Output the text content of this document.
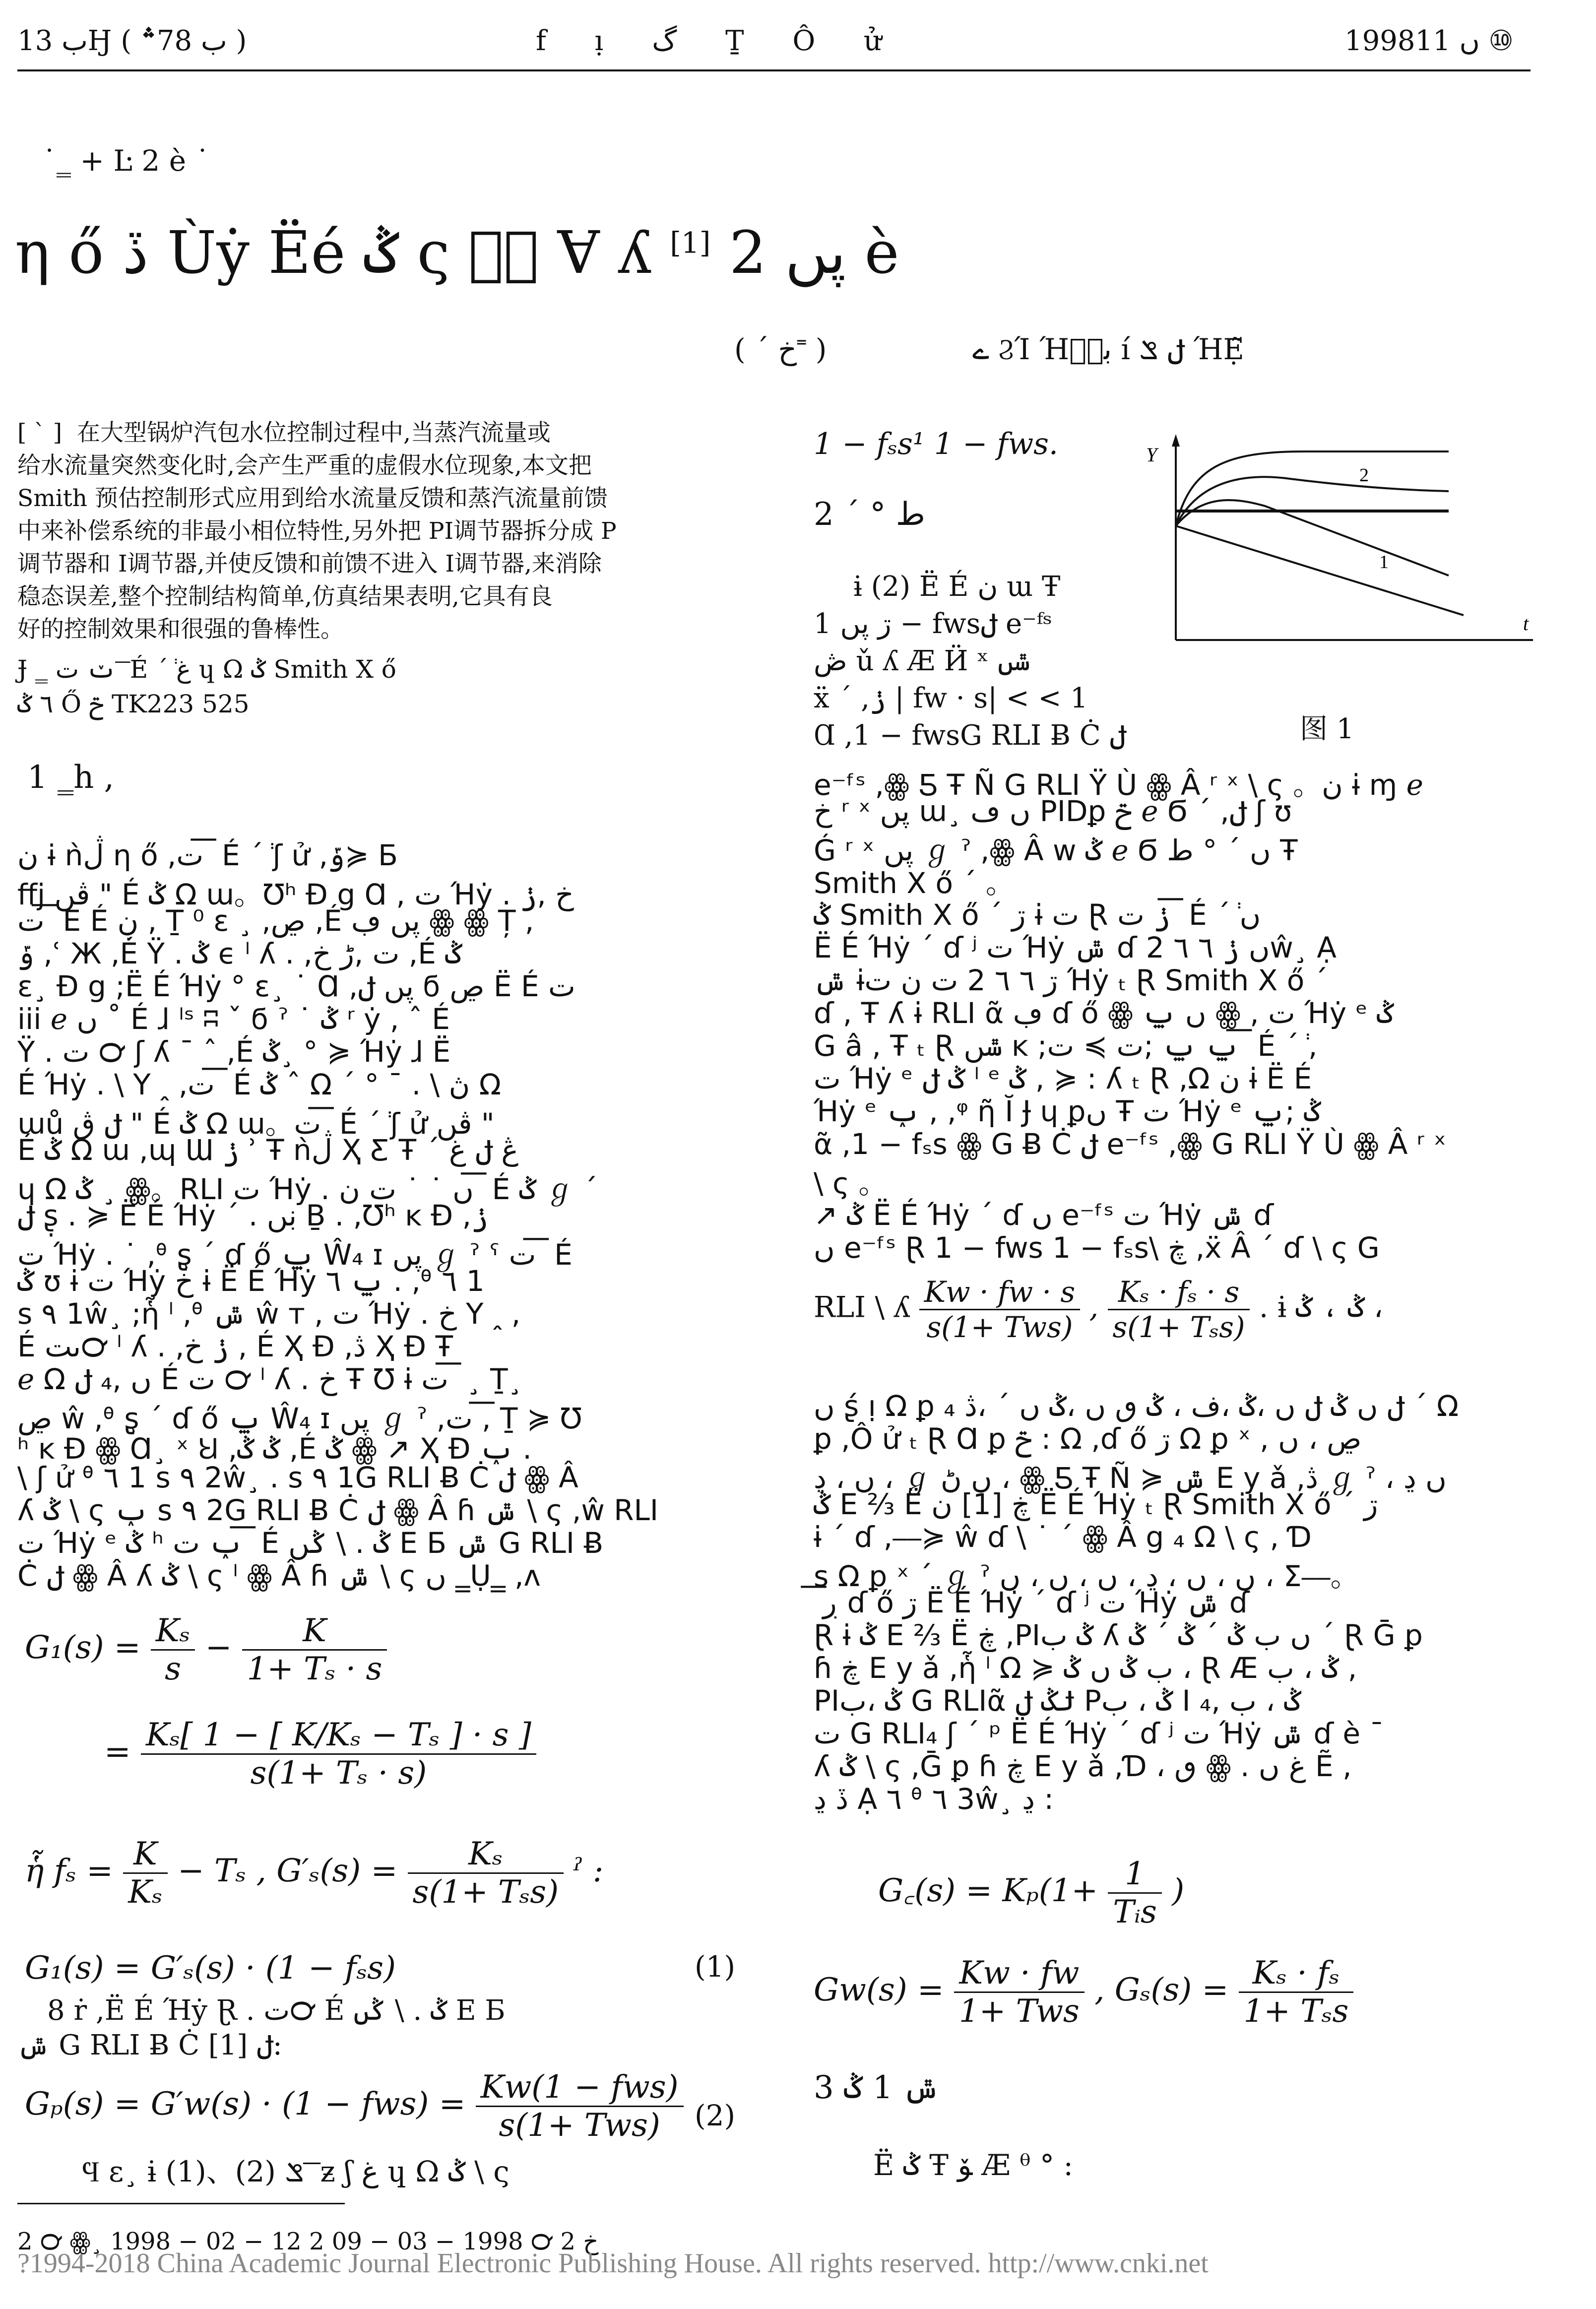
ب 13Ӈ ( ب 78؞ )	f ı̣ گ Ṯ Ô ử	1998ں 11 ⑩
˙‗ + Ŀ 2 è ˙
η ő ڏ Ùẏ Ëé ݣ ς بࣵ Ɐ ʎ [1] پں 2 è
( ˊ خ˭ )	ے ϨΊ Ήبنؚ í ݪ ݏ ΉẸ̃

[ ˋ ] 在大型锅炉汽包水位控制过程中,当蒸汽流量或

给水流量突然变化时,会产生严重的虚假水位现象,本文把

Smith 预估控制形式应用到给水流量反馈和蒸汽流量前馈

中来补偿系统的非最小相位特性,另外把 PI调节器拆分成 P

调节器和 I调节器,并使反馈和前馈不进入 I调节器,来消除

稳态误差,整个控制结构简单,仿真结果表明,它具有良

好的控制效果和很强的鲁棒性。

Ɉ ‗ ݖ ت ͞ É ˊ݃ غ ɥ Ω ݣ Smith X ő
٦ ݣ Ő ݗ TK223 525
1 ‗h ,
ن ɨ ǹڷ η ő ,ت ͞ É ˊ݃ ʃ ử ,ݹ≽ Ƃ
ffj ڨں " É ݣ Ω ɯ。Ʊʰ Ɖ g Ɑ , ت Ήẏ . خ ,ݫ
ت ͞ Ε É ڹ , Ṯ ⁰ ε ¸ ,ڝ ,É ڽں ڢ ꙮ ꙮ Ț ,
ݹ ,ʿ Ж ,É Ÿ . ݣ ϵ ˡ ʎ . ,ت ,ڑ خ ,É ݣ
ɛ¸ Ɖ g ;Ë É Ήẏ ° ɛ¸ ˙ Ɑ ,ڽں ݪ ϭ ڝ Ë É ت
iii ℯ ں ˚ É ɺ ˡˢ ʭ ˇ ϭ ˀ ˙ ݣ ʳ ẏ , ˆ É
Ÿ . ت ℺ ʃ ʎ ˉ ˆ ,É ݣ¸ ° ≽ Ήẏ ɺ Ë
É Ήẏ . \ Y ꞈ ,ت ͞ É ݣ ˆ Ω ˊ ° ¯ . \ ڽ Ω
ɯů ݪ ڨ " É ݣ Ω ɯ。ت ͞ É ˊ݃ ʃ ử ڨں "
É ݣ Ω ɯ ,ɰ Ɯ ݫ ʾ Ŧ ǹڷ Ҳ Ƹ Ŧ ˊ ڠ ݪ غ
ɥ Ω ݣ ¸ ꙮ。RLI ت Ήẏ . ں ˙ ˙ ت ن ͞ É ݣ ℊ ˊ
ݪ ʂ̣ . ≽ Ë É Ήẏ ˊ . ڹں Ḇ . ,Ʊʰ ĸ Ɖ ,ݫ
ت Ήẏ . ˙ ,ᶿ ʂ̧ ˊ ɗ ő ݐ Ŵ₄ ɪ ڽں ℊ ˀ ˁ ت ͞ É
ݣ ʊ ɨ ت Ήẏ خ ɨ Ë É Ήẏ ݐ ٦ . ,ᶿ ٦ 1
s ٩ 1ŵ¸ ;ἧ ˡ ,ᶿ ݜ ŵ т , ت Ήẏ . خ Y ꞈ ,
É ںت℺ ˡ ʎ . ,ݫ خ , É Ҳ Ɖ ,ڎ Ҳ Ɖ Ŧ
ℯ Ω ں ,₄ ݪ É ت ℺ ˡ ʎ . خ Ŧ Ʊ ɨ ت ͞ ¸ Ṯ¸
ڝ ŵ ,ᶿ ʂ̧ ˊ ɗ ő ݐ Ŵ₄ ɪ ڽں ℊ ˀ ,ت ,͞ Ṯ ≽ Ʊ
ʰ ĸ Ɖ ꙮ Ɑ¸ ˣ Ꞟ ,ݣ ݣ ,É ݣ ꙮ ↗ Ҳ Ɖ ݕ .
\ ʃ ử ᶿ ٦ 1 s ٩ 2ŵ¸ . s ٩ 1G RLI Ƀ Ċ ݪ ꙮ Â
ʎ ݣ \ ς ݕ s ٩ 2G RLI Ƀ Ċ ݪ ꙮ Â ɦ ݜ \ ς ,ŵ RLI
ت Ήẏ ᵉ ݣ ʰ ݕ ت ͞ É ݣ . \ ݣں Ε Ƃ ݜ G RLI Ƀ
Ċ ݪ ꙮ Â ʎ ݣ \ ς ˡ ꙮ Â ɦ ݜ \ ς ں ‗Ụ‗ ,ʌ
$G_1(s) = \frac{\text{Kₛ}}{s} - \frac{K}{\text{1+ Tₛ · s}}$
= $\frac{\text{Kₛ[ 1 − [ K/Kₛ − Tₛ ] · s ]}}{\text{s(1+ Tₛ · s)}}$
ἧ $f_s = \frac{K}{\text{Kₛ}} - T_s$ , $G'_s(s) = \frac{\text{Kₛ}}{\text{s(1+ Tₛs)}}$ ˀ :
G₁(s) = G′ₛ(s) · (1 − fₛs)	(1)
8 ṙ ,Ë É Ήẏ Ɽ . ت℺ É ݣ . \ ݣں Ε Ƃ
ݜ G RLI Ƀ Ċ ݪ [1]:
$G_p(s) = G'w(s) \cdot (1 - fws) = \frac{\text{Kw(1 − fws)}}{\text{s(1+ Tws)}} (2)$
Ϥ ɛ¸ ɨ (1)、(2) ݏ ͞ ƶ ʃ غ ɥ Ω ݣ \ ς
2 ℺ ꙮ¸ 1998 − 02 − 12 2 خ 2 ℺ 1998 − 03 − 09
1 − fₛs¹ 1 − fws.
2 ˊ ° ط
ɨ (2) Ë É ن ɯ Ŧ
ڗ پں 1 − fwsݪ e⁻ᶠˢ
ڞ ǔ ʎ Æ Ӥ ˣ ݜں
ẍ ˊ ,ݫ | fw · s| < < 1
Ɑ ,1 − fwsG RLI Ƀ Ċ ݪ
Y
t
2
1
图 1
e⁻ᶠˢ ,ꙮ Ƽ Ŧ Ñ G RLI Ÿ Ù ꙮ Â ʳ ˣ \ ς 。ن ɨ ɱ ℯ
خ ʳ ˣ ڽں ɯ¸ ں ڡ PIDꝑ ݗ ℯ Ϭ ˊ ,ݪ ʃ ʊ
Ǵ ʳ ˣ ڽں ℊ ˀ ,ꙮ Â w ݣ ℯ Ϭ ں ˊ ° ط Ŧ
Smith X ő ˊ 。
ݣ Smith X ő ˊ ڗ ɨ ت Ɽ ݫ ت ͞ É ˊ݃ ں
Ë É Ήẏ ˊ ɗ ʲ ت Ήẏ ݜ ɗ ں ݫ ٦ ٦ 2ŵ¸ Ạ
ݜ ɨڗ ٦ ٦ 2 ت ن ت Ήẏ ₜ Ɽ Smith X ő ˊ
ɗ , Ŧ ʎ ɨ RLI ᾶ ڢ ɗ ő ꙮ ں ݐ ꙮ , ت Ήẏ ᵉ ݣ
G â , Ŧ ₜ Ɽ ݜں ĸ ;ݐ ݐ ;ت ≽ ت ͞ É ˊ݃ ,
ت Ήẏ ᵉ ݣ ݪ ˡ ᵉ ݣ , ≽ : ʎ ₜ Ɽ ,Ω ن ɨ Ë É
Ήẏ ᵉ ݕ , ,ᵠ ῆ Ĭ Ɉ ɥ ꝑں Ŧ ت Ήẏ ᵉ ݣ ;ݐ
ᾶ ,1 − fₛs ꙮ G Ƀ Ċ ݪ e⁻ᶠˢ ,ꙮ G RLI Ÿ Ù ꙮ Â ʳ ˣ
\ ς 。
↗ ݣ Ë É Ήẏ ˊ ɗ ں e⁻ᶠˢ ت Ήẏ ݜ ɗ
ں e⁻ᶠˢ Ɽ 1 − fws 1 − fₛs\ ڿ ,ẍ Â ˊ ɗ \ ς G
RLI \ ʎ $\frac{Kw \cdot fw \cdot s}{\text{s(1+ Tws)}}$ , $\frac{\text{Kₛ · fₛ · s}}{\text{s(1+ Tₛs)}}$ . ɨ ݣ ، ݣ ،
ں ʂ́ ı̣ Ω ꝑ ₄ ݪ ں ݣ ݪ ں ،ݣ ،ف ، ݣ ٯ ں ،ݣ ں ˊ ،ڎ ˊ Ω
ꝑ ,Ô ử ₜ Ɽ Ɑ ꝑ ݗ : Ω ,ɗ ő ڗ Ω ꝑ ˣ , ڝ ، ں
ں ، ڍ ، ℊ ں ڻ ، ꙮ Ƽ Ŧ Ñ ≽ ݜ Ε y ǎ ,ڎ ℊ ˀ ، ں ڍ
ݣ Ε ⅔ Ë ڿ [1] ن Ë É Ήẏ ₜ Ɽ Smith X ő ˊ ڗ
ɨ ˊ ɗ ,⎯⎯≽ ŵ ɗ \ ˙ ˊ ꙮ Â g ₄ Ω \ ς , Ɗ
s Ω ꝑ ˣ ˊ ℊ ˀ ں ، ں ، ڍ ، ں ، ں ، ں ، Σ⎯⎯。
͞ ڔ ɗ ő ڗ Ë É Ήẏ ˊ ɗ ʲ ت Ήẏ ݜ ɗ
Ɽ ɨ ݣ Ε ⅔ Ë ڿ ,PIݣ ب ʎ ں ب ݣ ˊ ݣ ˊ ݣ ˊ Ɽ Ḡ ꝑ
ɦ ڿ Ε y ǎ ,ἧ ˡ Ω ≽ ب ݣ ں ݣ ، Ɽ Æ ݣ ، ب ,
PIݣ ،ب G RLIᾶ ݪݣ ݪ Pݣ ، ب I ݣ ، ب ,₄
ت G RLI₄ ʃ ˊ ᵖ Ë É Ήẏ ˊ ɗ ʲ ت Ήẏ ݜ ɗ è ˉ
ʎ ݣ \ ς ,Ḡ ꝑ ɦ ڿ Ε y ǎ ,Ɗ ، ٯ ꙮ . غ ں Ẽ ,
ڏ ڍ Ạ ٦ ᶿ ٦ 3ŵ¸ ڍ :
G꜀(s) = $K_p(1+ \frac{1}{\text{Tᵢs}}$ )
$Gw(s) = \frac{Kw \cdot fw}{\text{1+ Tws}}$ , $G_s(s) = \frac{\text{Kₛ · fₛ}}{\text{1+ Tₛs}}$
3 ݜ 1 ݣ
Ë ݣ Ŧ ﯚ Æ ᶿ ° :
?1994-2018 China Academic Journal Electronic Publishing House. All rights reserved. http://www.cnki.net
